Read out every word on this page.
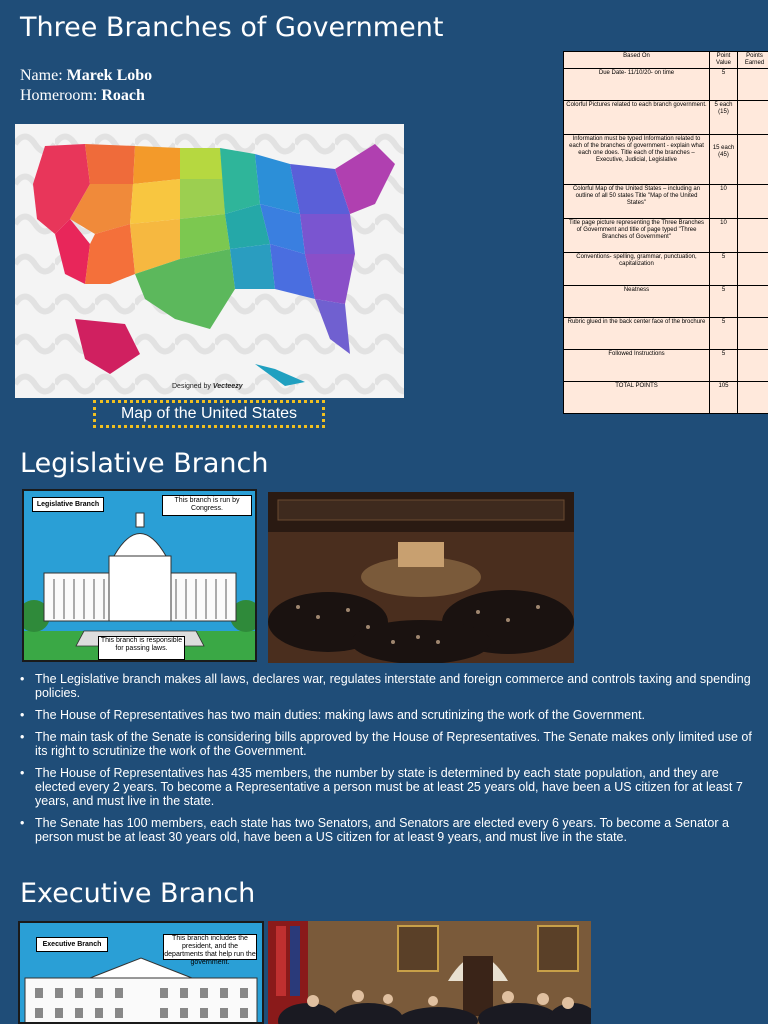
Three Branches of Government
Name: Marek Lobo
Homeroom: Roach
Designed by Vecteezy
Map of the United States
Based On	Point Value	Points Earned
Due Date- 11/10/20- on time	5	
Colorful Pictures related to each branch government.	5 each (15)	
Information must be typed Information related to each of the branches of government - explain what each one does. Title each of the branches – Executive, Judicial, Legislative	15 each (45)	
Colorful Map of the United States – including an outline of all 50 states Title "Map of the United States"	10	
Title page picture representing the Three Branches of Government and title of page typed "Three Branches of Government"	10	
Conventions- spelling, grammar, punctuation, capitalization	5	
Neatness	5	
Rubric glued in the back center face of the brochure	5	
Followed Instructions	5	
TOTAL POINTS	105	
Legislative Branch
Legislative Branch
This branch is run by Congress.
This branch is responsible for passing laws.
• The Legislative branch makes all laws, declares war, regulates interstate and foreign commerce and controls taxing and spending policies.
• The House of Representatives has two main duties: making laws and scrutinizing the work of the Government.
• The main task of the Senate is considering bills approved by the House of Representatives. The Senate makes only limited use of its right to scrutinize the work of the Government.
• The House of Representatives has 435 members, the number by state is determined by each state population, and they are elected every 2 years. To become a Representative a person must be at least 25 years old, have been a US citizen for at least 7 years, and must live in the state.
• The Senate has 100 members, each state has two Senators, and Senators are elected every 6 years. To become a Senator a person must be at least 30 years old, have been a US citizen for at least 9 years, and must live in the state.
Executive Branch
Executive Branch
This branch includes the president, and the departments that help run the government.
